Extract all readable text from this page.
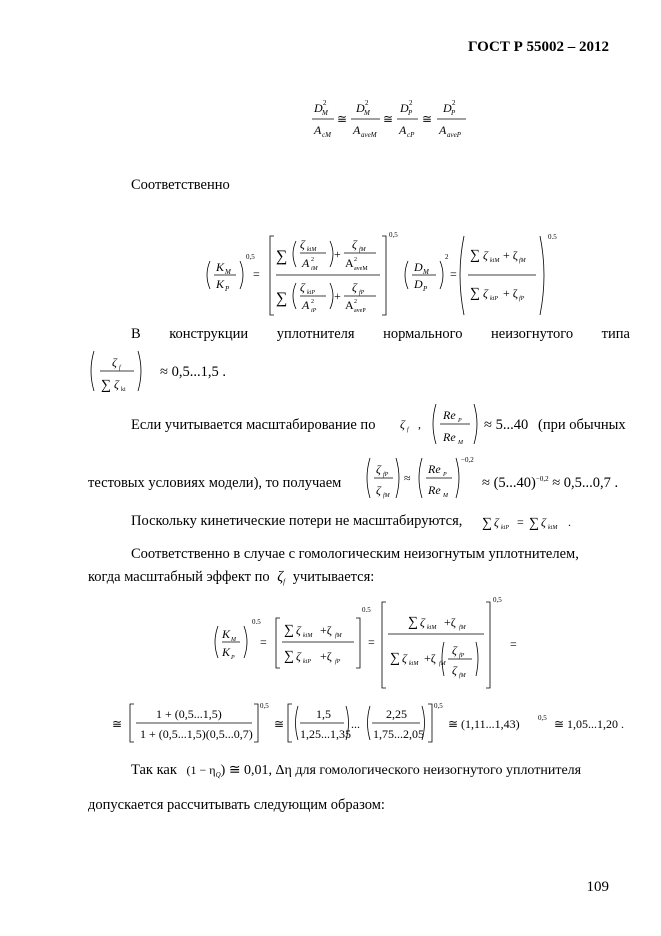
ГОСТ Р 55002 – 2012
D M
2
A cM
≅
D M
2
A aveM
≅
D P
2
A cP
≅
D P
2
A aveP
Соответственно
K M
K P
0,5
=
∑
ζ kiM
A iM
2 +
ζ fM
A aveM
2
∑
ζ kiP
A iP
2 +
ζ fP
A aveP
2
0,5
D M
D P
2
=
∑ ζ kiM + ζ fM
∑ ζ kiP + ζ fP
0.5
В конструкции уплотнителя нормального неизогнутого типа
ζ f
∑ ζ ki
≈ 0,5...1,5 .
Если учитывается масштабирование по ζ f ,
Re P
Re M
≈ 5...40 (при обычных
тестовых условиях модели), то получаем
ζ fP
ζ fM
≈
Re P
Re M
−0,2
≈ $(5...40)^{-0,2} \approx 0,5...0,7$ .
Поскольку кинетические потери не масштабируются, ∑ ζ kiP = ∑ ζ kiM .
Соответственно в случае с гомологическим неизогнутым уплотнителем,
когда масштабный эффект по $\zeta_f$ учитывается:
K M
K P
0.5
=
∑ ζ kiM +ζ fM
∑ ζ kiP +ζ fP
0.5
=
∑ ζ kiM +ζ fM
∑ ζ kiM +ζ fM
ζ fP
ζ fM
0,5
=
≅
1 + (0,5...1,5)
1 + (0,5...1,5)(0,5...0,7)
0,5
≅
1,5
1,25...1,35
...
2,25
1,75...2,05
0,5
≅ (1,11...1,43)	0,5 ≅ 1,05...1,20 .
Так как $(1 - \eta_Q)$ ≅ 0,01, Δη для гомологического неизогнутого уплотнителя
допускается рассчитывать следующим образом:
109
